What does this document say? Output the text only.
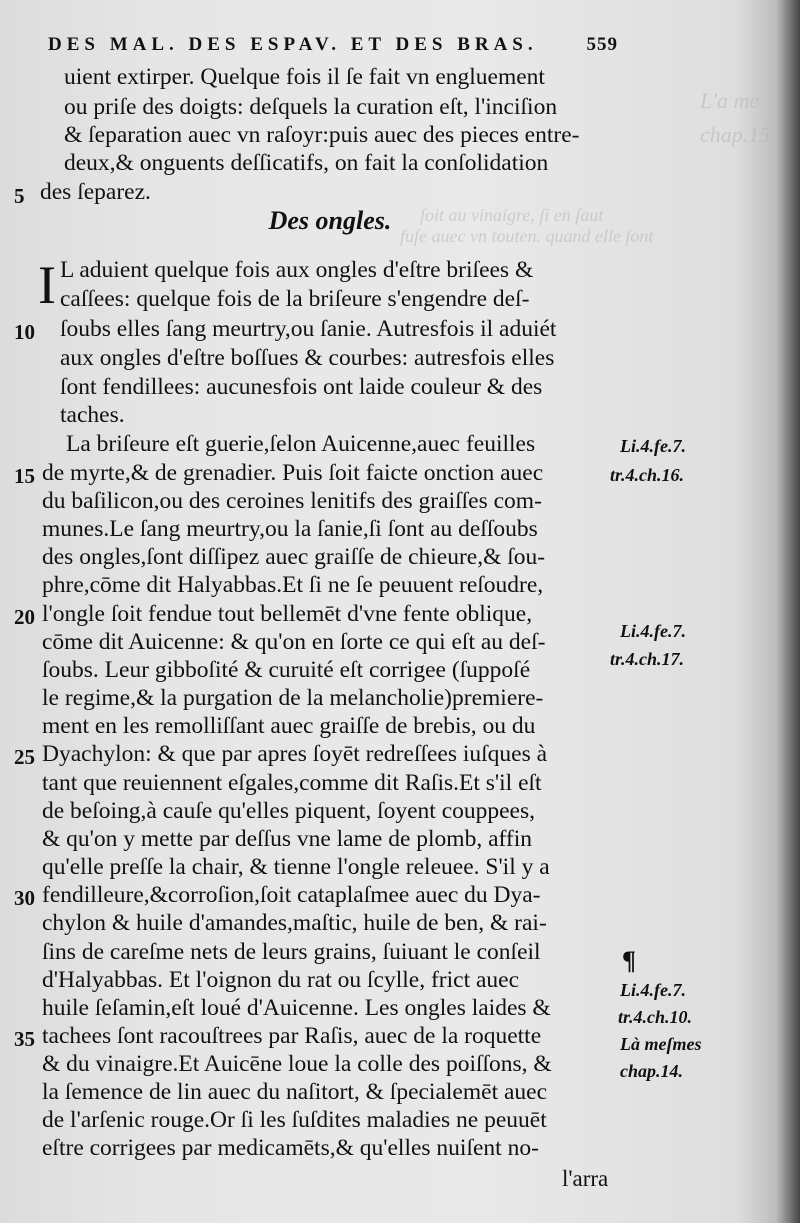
L'a me
chap.15.
ſoit au vinaigre, ſi en ſaut
fuſe auec vn touten. quand elle ſont
DES MAL. DES ESPAV. ET DES BRAS.	559
uient extirper. Quelque fois il ſe fait vn engluement
ou priſe des doigts: deſquels la curation eſt, l'inciſion
& ſeparation auec vn raſoyr:puis auec des pieces entre-
deux,& onguents deſſicatifs, on fait la conſolidation
des ſeparez.
Des ongles.
I L aduient quelque fois aux ongles d'eſtre briſees &
caſſees: quelque fois de la briſeure s'engendre deſ-
ſoubs elles ſang meurtry,ou ſanie. Autresfois il aduiét
aux ongles d'eſtre boſſues & courbes: autresfois elles
ſont fendillees: aucunesfois ont laide couleur & des
taches.
La briſeure eſt guerie,ſelon Auicenne,auec feuilles
de myrte,& de grenadier. Puis ſoit faicte onction auec
du baſilicon,ou des ceroines lenitifs des graiſſes com-
munes.Le ſang meurtry,ou la ſanie,ſi ſont au deſſoubs
des ongles,ſont diſſipez auec graiſſe de chieure,& ſou-
phre,cōme dit Halyabbas.Et ſi ne ſe peuuent reſoudre,
l'ongle ſoit fendue tout bellemēt d'vne fente oblique,
cōme dit Auicenne: & qu'on en ſorte ce qui eſt au deſ-
ſoubs. Leur gibboſité & curuité eſt corrigee (ſuppoſé
le regime,& la purgation de la melancholie)premiere-
ment en les remolliſſant auec graiſſe de brebis, ou du
Dyachylon: & que par apres ſoyēt redreſſees iuſques à
tant que reuiennent eſgales,comme dit Raſis.Et s'il eſt
de beſoing,à cauſe qu'elles piquent, ſoyent couppees,
& qu'on y mette par deſſus vne lame de plomb, affin
qu'elle preſſe la chair, & tienne l'ongle releuee. S'il y a
fendilleure,&corroſion,ſoit cataplaſmee auec du Dya-
chylon & huile d'amandes,maſtic, huile de ben, & rai-
ſins de careſme nets de leurs grains, ſuiuant le conſeil
d'Halyabbas. Et l'oignon du rat ou ſcylle, frict auec
huile ſeſamin,eſt loué d'Auicenne. Les ongles laides &
tachees ſont racouſtrees par Raſis, auec de la roquette
& du vinaigre.Et Auicēne loue la colle des poiſſons, &
la ſemence de lin auec du naſitort, & ſpecialemēt auec
de l'arſenic rouge.Or ſi les ſuſdites maladies ne peuuēt
eſtre corrigees par medicamēts,& qu'elles nuiſent no-
l'arra
5
10
15
20
25
30
35
Li.4.fe.7.
tr.4.ch.16.
Li.4.fe.7.
tr.4.ch.17.
Li.4.fe.7.
tr.4.ch.10.
Là meſmes
chap.14.
¶
